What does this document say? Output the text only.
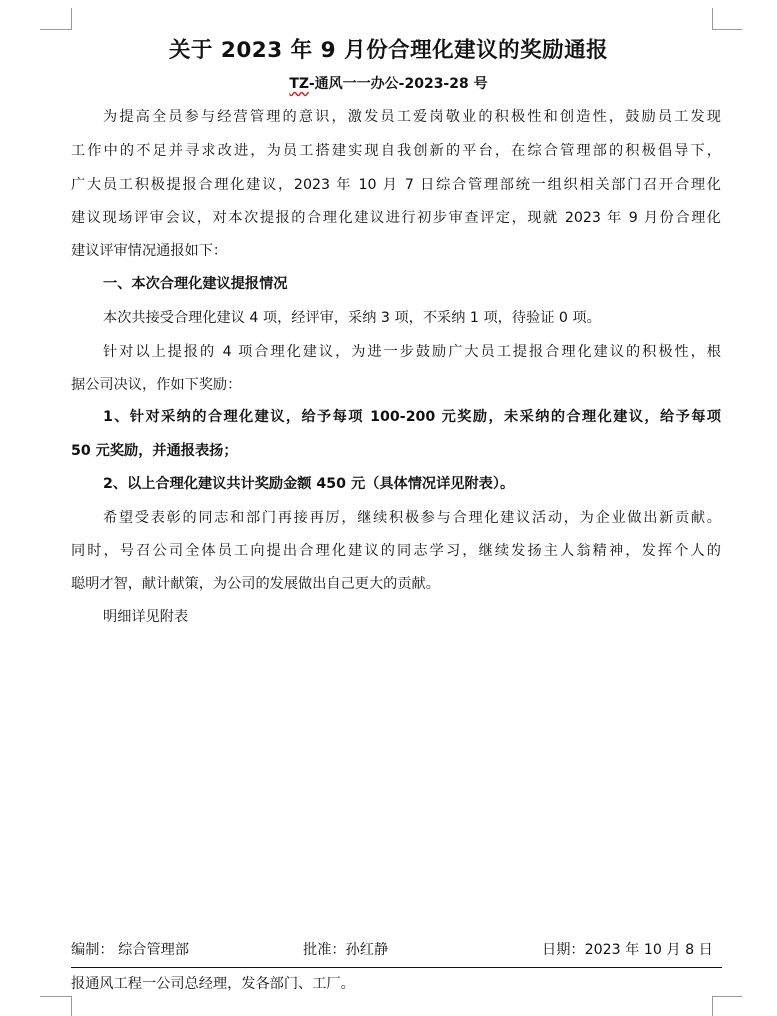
关于 2023 年 9 月份合理化建议的奖励通报
TZ-通风一一办公-2023-28 号
为提高全员参与经营管理的意识，激发员工爱岗敬业的积极性和创造性，鼓励员工发现
工作中的不足并寻求改进，为员工搭建实现自我创新的平台，在综合管理部的积极倡导下，
广大员工积极提报合理化建议，2023 年 10 月 7 日综合管理部统一组织相关部门召开合理化
建议现场评审会议，对本次提报的合理化建议进行初步审查评定，现就 2023 年 9 月份合理化
建议评审情况通报如下：
一、本次合理化建议提报情况
本次共接受合理化建议 4 项，经评审，采纳 3 项，不采纳 1 项，待验证 0 项。
针对以上提报的 4 项合理化建议，为进一步鼓励广大员工提报合理化建议的积极性，根
据公司决议，作如下奖励：
1、针对采纳的合理化建议，给予每项 100-200 元奖励，未采纳的合理化建议，给予每项
50 元奖励，并通报表扬；
2、以上合理化建议共计奖励金额 450 元（具体情况详见附表）。
希望受表彰的同志和部门再接再厉，继续积极参与合理化建议活动，为企业做出新贡献。
同时，号召公司全体员工向提出合理化建议的同志学习，继续发扬主人翁精神，发挥个人的
聪明才智，献计献策，为公司的发展做出自己更大的贡献。
明细详见附表
编制： 综合管理部	批准：孙红静	日期：2023 年 10 月 8 日
报通风工程一公司总经理，发各部门、工厂。
